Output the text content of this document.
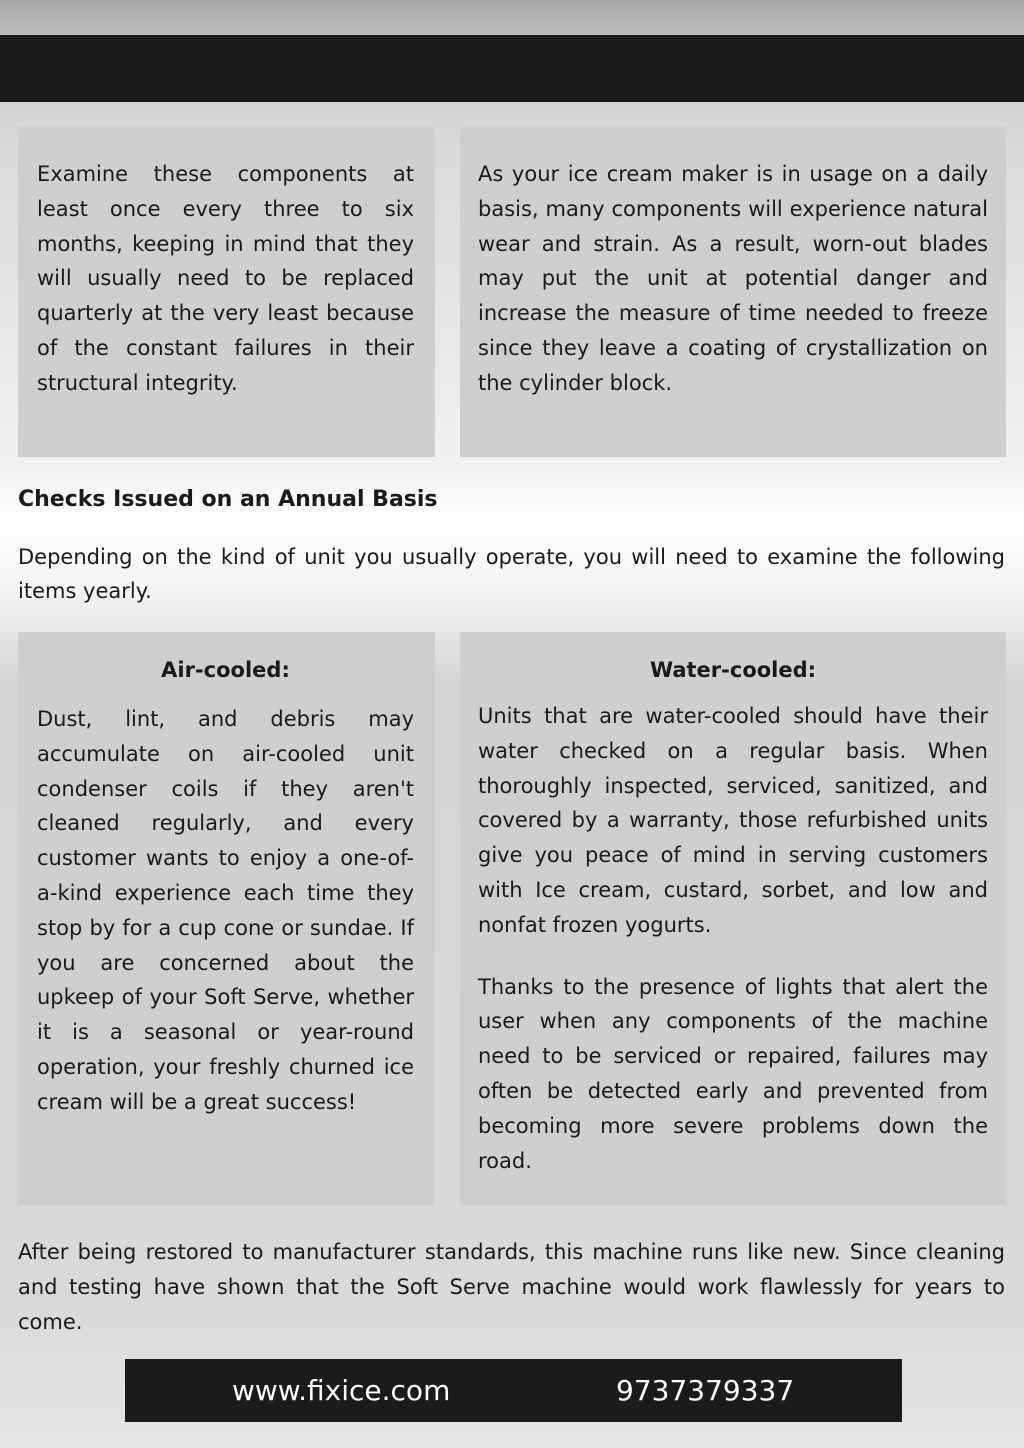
Examine these components at least once every three to six months, keeping in mind that they will usually need to be replaced quarterly at the very least because of the constant failures in their structural integrity.

As your ice cream maker is in usage on a daily basis, many components will experience natural wear and strain. As a result, worn-out blades may put the unit at potential danger and increase the measure of time needed to freeze since they leave a coating of crystallization on the cylinder block.

Checks Issued on an Annual Basis

Depending on the kind of unit you usually operate, you will need to examine the following items yearly.

Air-cooled:

Dust, lint, and debris may accumulate on air-cooled unit condenser coils if they aren't cleaned regularly, and every customer wants to enjoy a one-of-a-kind experience each time they stop by for a cup cone or sundae. If you are concerned about the upkeep of your Soft Serve, whether it is a seasonal or year-round operation, your freshly churned ice cream will be a great success!

Water-cooled:

Units that are water-cooled should have their water checked on a regular basis. When thoroughly inspected, serviced, sanitized, and covered by a warranty, those refurbished units give you peace of mind in serving customers with Ice cream, custard, sorbet, and low and nonfat frozen yogurts.

Thanks to the presence of lights that alert the user when any components of the machine need to be serviced or repaired, failures may often be detected early and prevented from becoming more severe problems down the road.

After being restored to manufacturer standards, this machine runs like new. Since cleaning and testing have shown that the Soft Serve machine would work flawlessly for years to come.

www.fixice.com	9737379337
